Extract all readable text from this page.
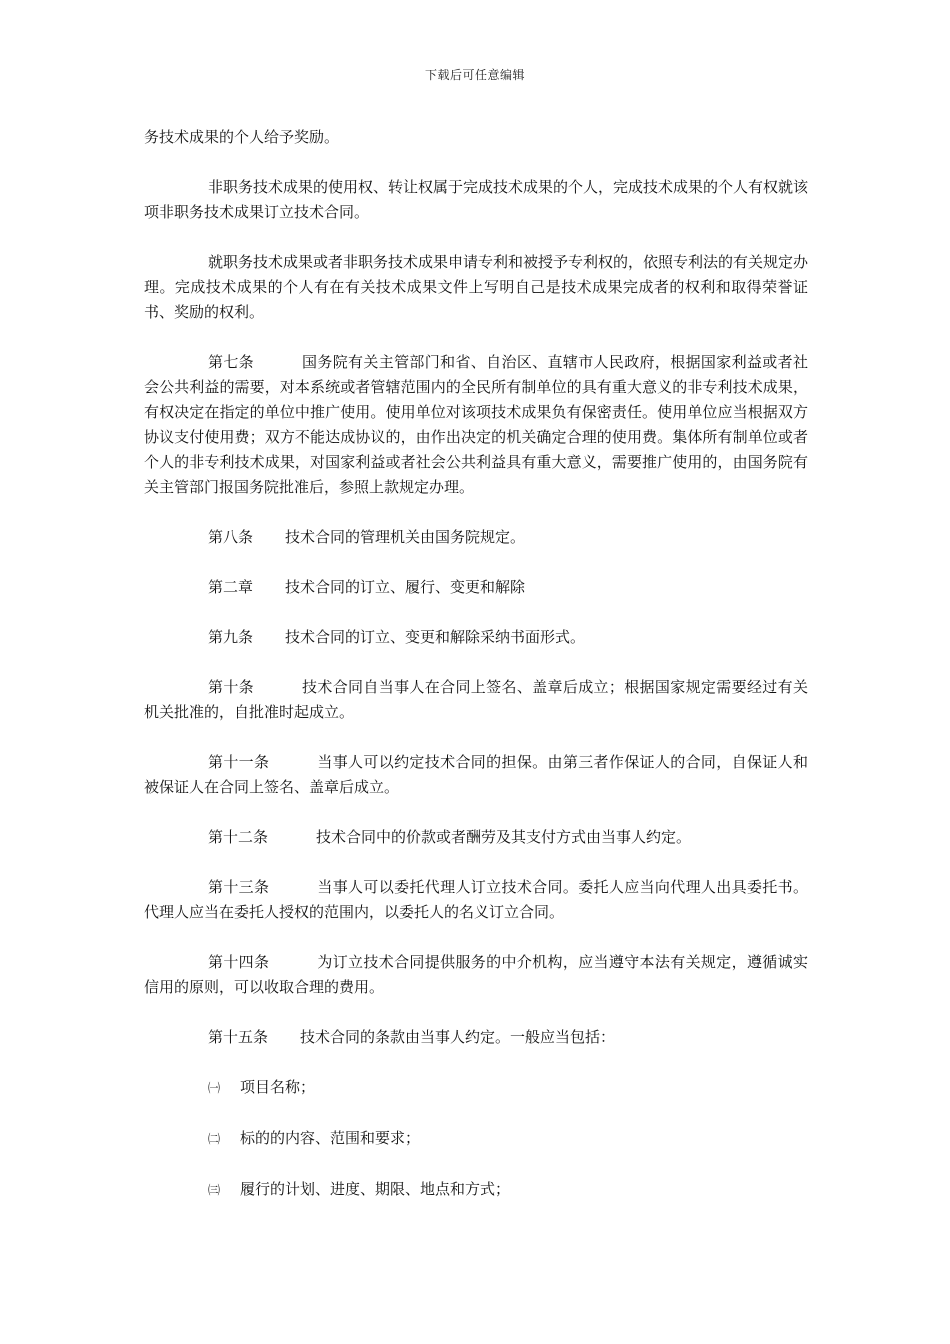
下载后可任意编辑

务技术成果的个人给予奖励。

非职务技术成果的使用权、转让权属于完成技术成果的个人，完成技术成果的个人有权就该项非职务技术成果订立技术合同。

就职务技术成果或者非职务技术成果申请专利和被授予专利权的，依照专利法的有关规定办理。完成技术成果的个人有在有关技术成果文件上写明自己是技术成果完成者的权利和取得荣誉证书、奖励的权利。

第七条	国务院有关主管部门和省、自治区、直辖市人民政府，根据国家利益或者社会公共利益的需要，对本系统或者管辖范围内的全民所有制单位的具有重大意义的非专利技术成果，有权决定在指定的单位中推广使用。使用单位对该项技术成果负有保密责任。使用单位应当根据双方协议支付使用费；双方不能达成协议的，由作出决定的机关确定合理的使用费。集体所有制单位或者个人的非专利技术成果，对国家利益或者社会公共利益具有重大意义，需要推广使用的，由国务院有关主管部门报国务院批准后，参照上款规定办理。

第八条 技术合同的管理机关由国务院规定。

第二章 技术合同的订立、履行、变更和解除

第九条 技术合同的订立、变更和解除采纳书面形式。

第十条	技术合同自当事人在合同上签名、盖章后成立；根据国家规定需要经过有关机关批准的，自批准时起成立。

第十一条	当事人可以约定技术合同的担保。由第三者作保证人的合同，自保证人和被保证人在合同上签名、盖章后成立。

第十二条	技术合同中的价款或者酬劳及其支付方式由当事人约定。

第十三条	当事人可以委托代理人订立技术合同。委托人应当向代理人出具委托书。代理人应当在委托人授权的范围内，以委托人的名义订立合同。

第十四条	为订立技术合同提供服务的中介机构，应当遵守本法有关规定，遵循诚实信用的原则，可以收取合理的费用。

第十五条 技术合同的条款由当事人约定。一般应当包括：

㈠ 项目名称；

㈡ 标的的内容、范围和要求；

㈢ 履行的计划、进度、期限、地点和方式；
